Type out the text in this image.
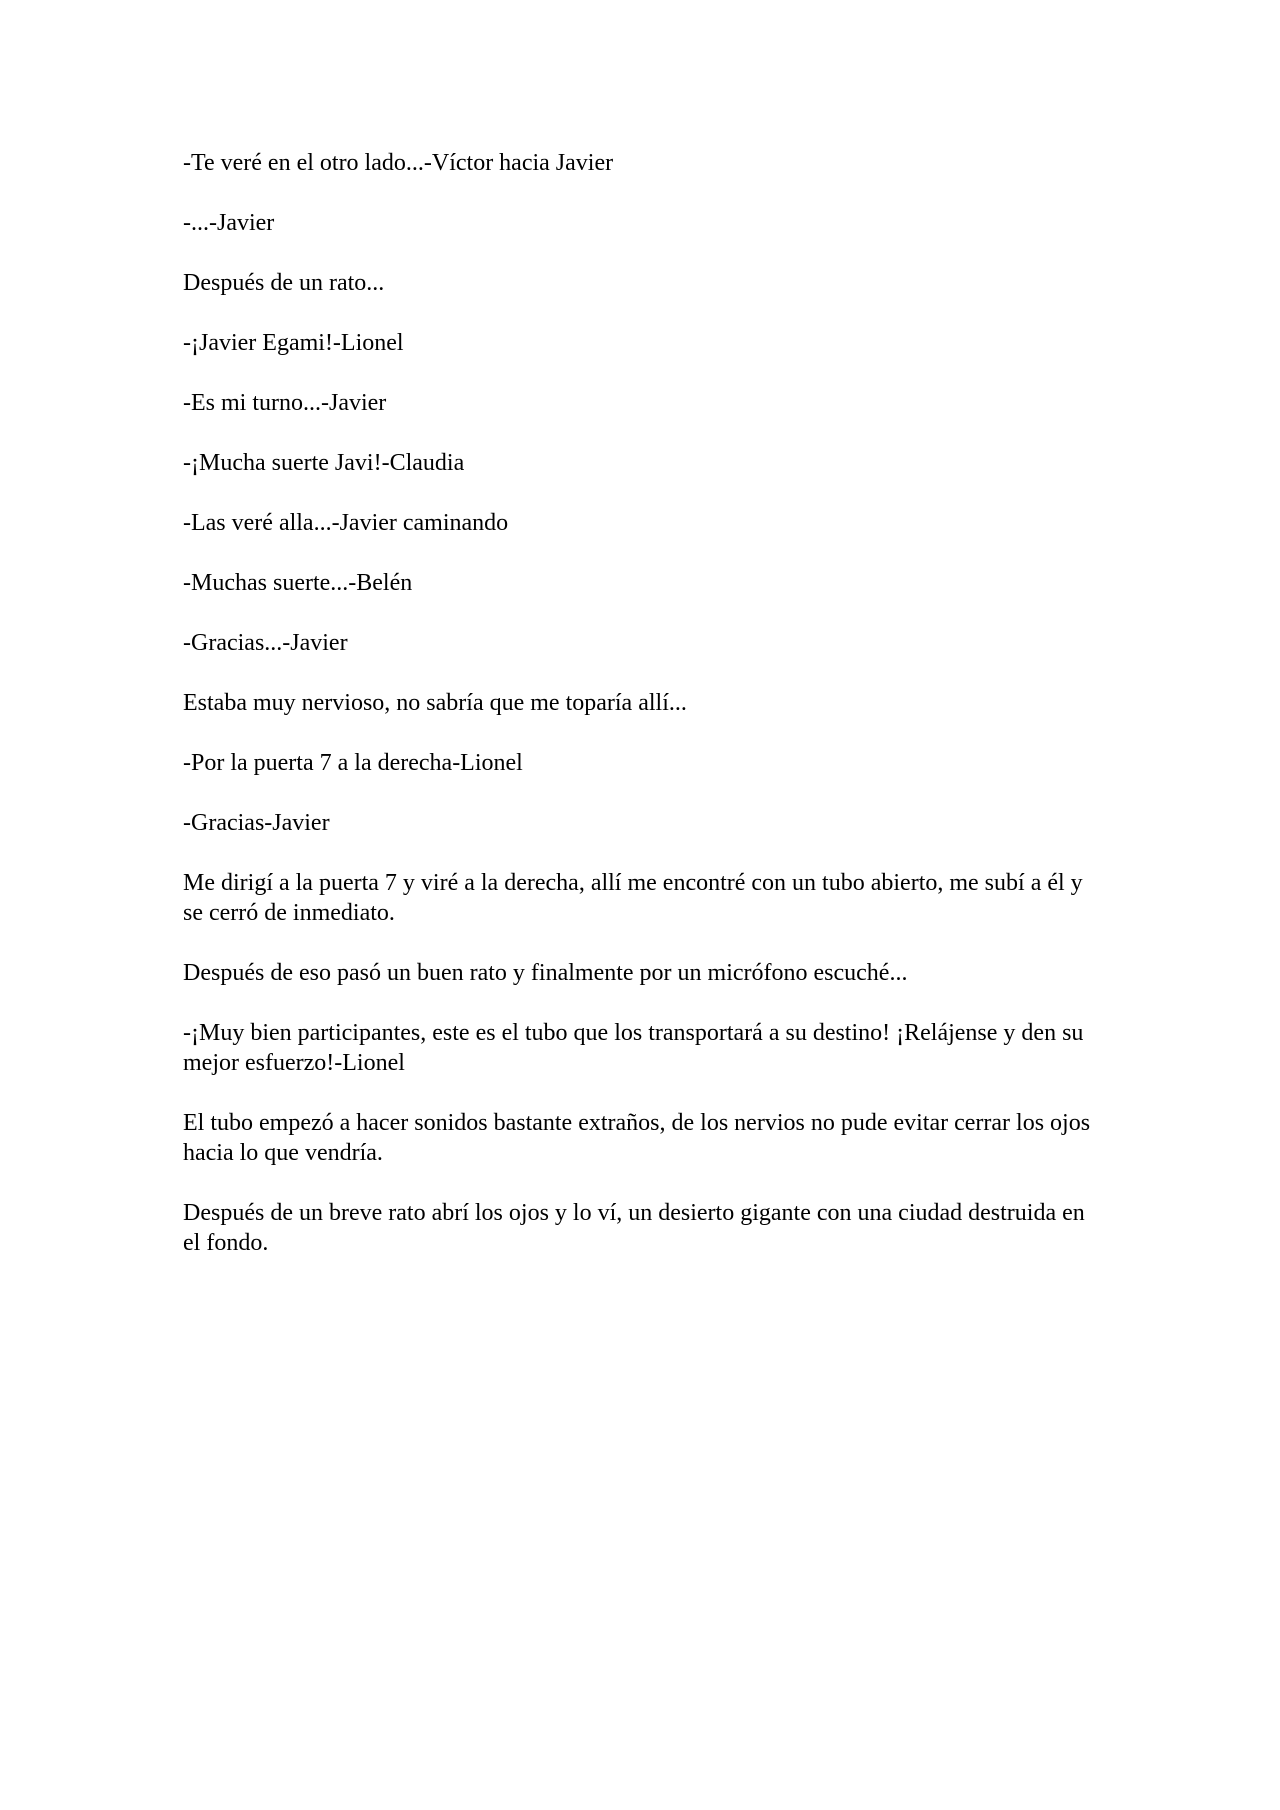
-Te veré en el otro lado...-Víctor hacia Javier

-...-Javier

Después de un rato...

-¡Javier Egami!-Lionel

-Es mi turno...-Javier

-¡Mucha suerte Javi!-Claudia

-Las veré alla...-Javier caminando

-Muchas suerte...-Belén

-Gracias...-Javier

Estaba muy nervioso, no sabría que me toparía allí...

-Por la puerta 7 a la derecha-Lionel

-Gracias-Javier

Me dirigí a la puerta 7 y viré a la derecha, allí me encontré con un tubo abierto, me subí a él y se cerró de inmediato.

Después de eso pasó un buen rato y finalmente por un micrófono escuché...

-¡Muy bien participantes, este es el tubo que los transportará a su destino! ¡Relájense y den su mejor esfuerzo!-Lionel

El tubo empezó a hacer sonidos bastante extraños, de los nervios no pude evitar cerrar los ojos hacia lo que vendría.

Después de un breve rato abrí los ojos y lo ví, un desierto gigante con una ciudad destruida en el fondo.
